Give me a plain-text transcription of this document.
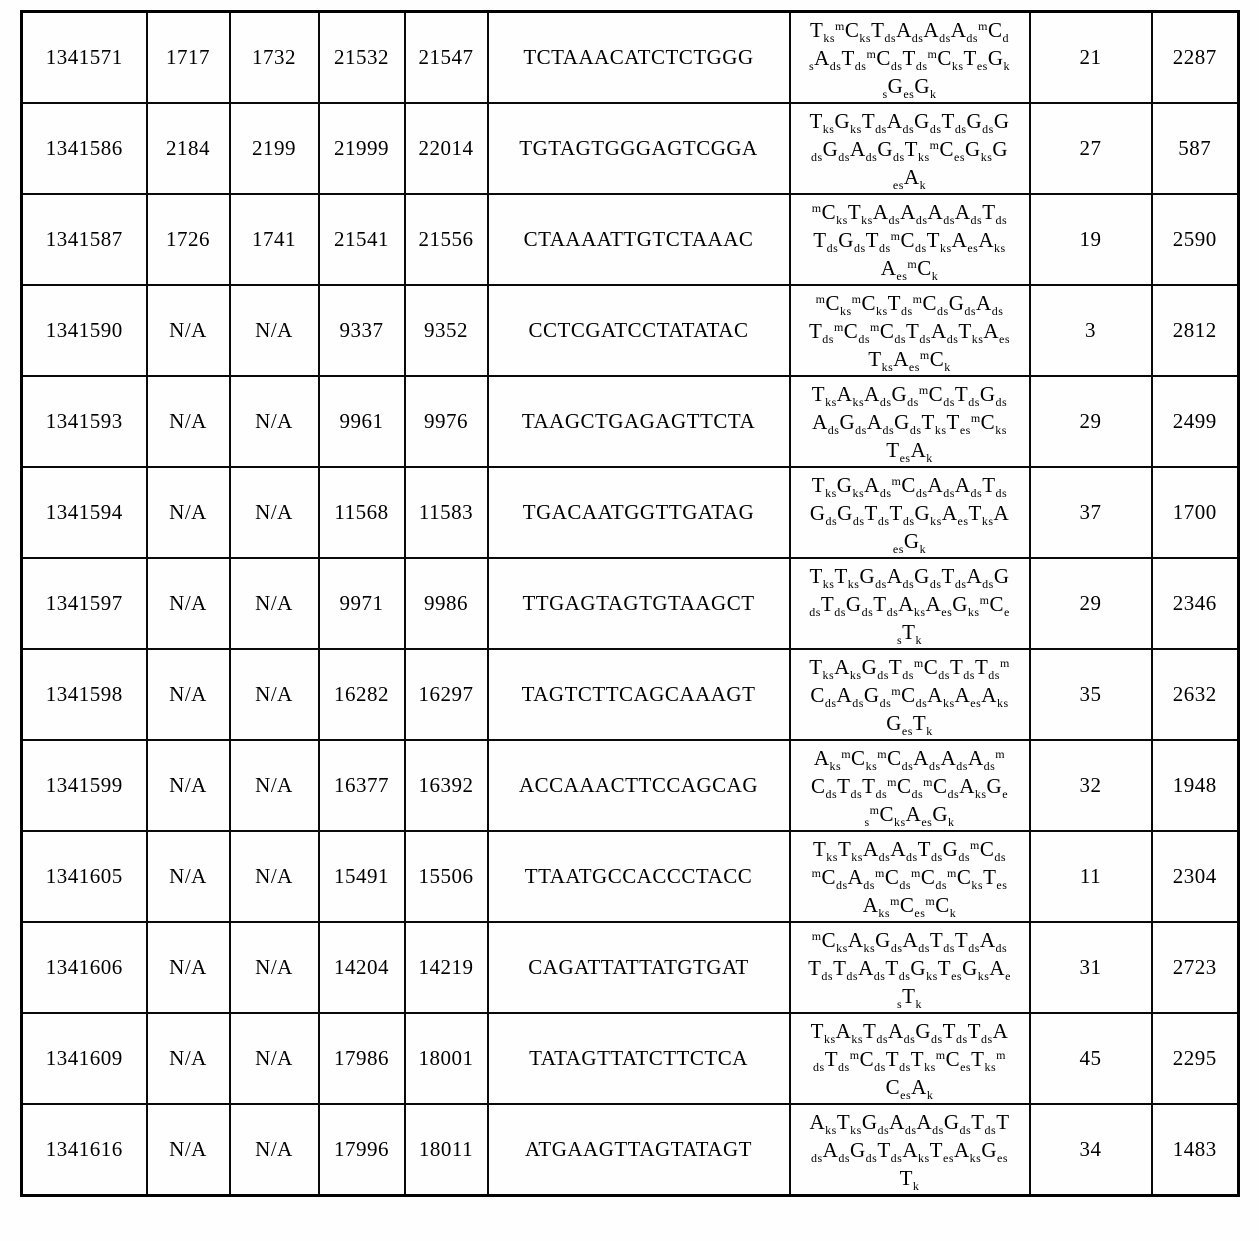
1341571	1717	1732	21532	21547	TCTAAACATCTCTGGG	$T_{ks}^mC_{ks}T_{ds}A_{ds}A_{ds}A_{ds}^mC_d$
$_sA_{ds}T_{ds}^mC_{ds}T_{ds}^mC_{ks}T_{es}G_k$
$_sG_{es}G_k$	21	2287
1341586	2184	2199	21999	22014	TGTAGTGGGAGTCGGA	$T_{ks}G_{ks}T_{ds}A_{ds}G_{ds}T_{ds}G_{ds}G$
$_{ds}G_{ds}A_{ds}G_{ds}T_{ks}^mC_{es}G_{ks}G$
$_{es}A_k$	27	587
1341587	1726	1741	21541	21556	CTAAAATTGTCTAAAC	$^mC_{ks}T_{ks}A_{ds}A_{ds}A_{ds}A_{ds}T_{ds}$
$T_{ds}G_{ds}T_{ds}^mC_{ds}T_{ks}A_{es}A_{ks}$
$A_{es}^mC_k$	19	2590
1341590	N/A	N/A	9337	9352	CCTCGATCCTATATAC	$^mC_{ks}^mC_{ks}T_{ds}^mC_{ds}G_{ds}A_{ds}$
$T_{ds}^mC_{ds}^mC_{ds}T_{ds}A_{ds}T_{ks}A_{es}$
$T_{ks}A_{es}^mC_k$	3	2812
1341593	N/A	N/A	9961	9976	TAAGCTGAGAGTTCTA	$T_{ks}A_{ks}A_{ds}G_{ds}^mC_{ds}T_{ds}G_{ds}$
$A_{ds}G_{ds}A_{ds}G_{ds}T_{ks}T_{es}^mC_{ks}$
$T_{es}A_k$	29	2499
1341594	N/A	N/A	11568	11583	TGACAATGGTTGATAG	$T_{ks}G_{ks}A_{ds}^mC_{ds}A_{ds}A_{ds}T_{ds}$
$G_{ds}G_{ds}T_{ds}T_{ds}G_{ks}A_{es}T_{ks}A$
$_{es}G_k$	37	1700
1341597	N/A	N/A	9971	9986	TTGAGTAGTGTAAGCT	$T_{ks}T_{ks}G_{ds}A_{ds}G_{ds}T_{ds}A_{ds}G$
$_{ds}T_{ds}G_{ds}T_{ds}A_{ks}A_{es}G_{ks}^mC_e$
$_sT_k$	29	2346
1341598	N/A	N/A	16282	16297	TAGTCTTCAGCAAAGT	$T_{ks}A_{ks}G_{ds}T_{ds}^mC_{ds}T_{ds}T_{ds}^m$
$C_{ds}A_{ds}G_{ds}^mC_{ds}A_{ks}A_{es}A_{ks}$
$G_{es}T_k$	35	2632
1341599	N/A	N/A	16377	16392	ACCAAACTTCCAGCAG	$A_{ks}^mC_{ks}^mC_{ds}A_{ds}A_{ds}A_{ds}^m$
$C_{ds}T_{ds}T_{ds}^mC_{ds}^mC_{ds}A_{ks}G_e$
$_s^mC_{ks}A_{es}G_k$	32	1948
1341605	N/A	N/A	15491	15506	TTAATGCCACCCTACC	$T_{ks}T_{ks}A_{ds}A_{ds}T_{ds}G_{ds}^mC_{ds}$
$^mC_{ds}A_{ds}^mC_{ds}^mC_{ds}^mC_{ks}T_{es}$
$A_{ks}^mC_{es}^mC_k$	11	2304
1341606	N/A	N/A	14204	14219	CAGATTATTATGTGAT	$^mC_{ks}A_{ks}G_{ds}A_{ds}T_{ds}T_{ds}A_{ds}$
$T_{ds}T_{ds}A_{ds}T_{ds}G_{ks}T_{es}G_{ks}A_e$
$_sT_k$	31	2723
1341609	N/A	N/A	17986	18001	TATAGTTATCTTCTCA	$T_{ks}A_{ks}T_{ds}A_{ds}G_{ds}T_{ds}T_{ds}A$
$_{ds}T_{ds}^mC_{ds}T_{ds}T_{ks}^mC_{es}T_{ks}^m$
$C_{es}A_k$	45	2295
1341616	N/A	N/A	17996	18011	ATGAAGTTAGTATAGT	$A_{ks}T_{ks}G_{ds}A_{ds}A_{ds}G_{ds}T_{ds}T$
$_{ds}A_{ds}G_{ds}T_{ds}A_{ks}T_{es}A_{ks}G_{es}$
$T_k$	34	1483
